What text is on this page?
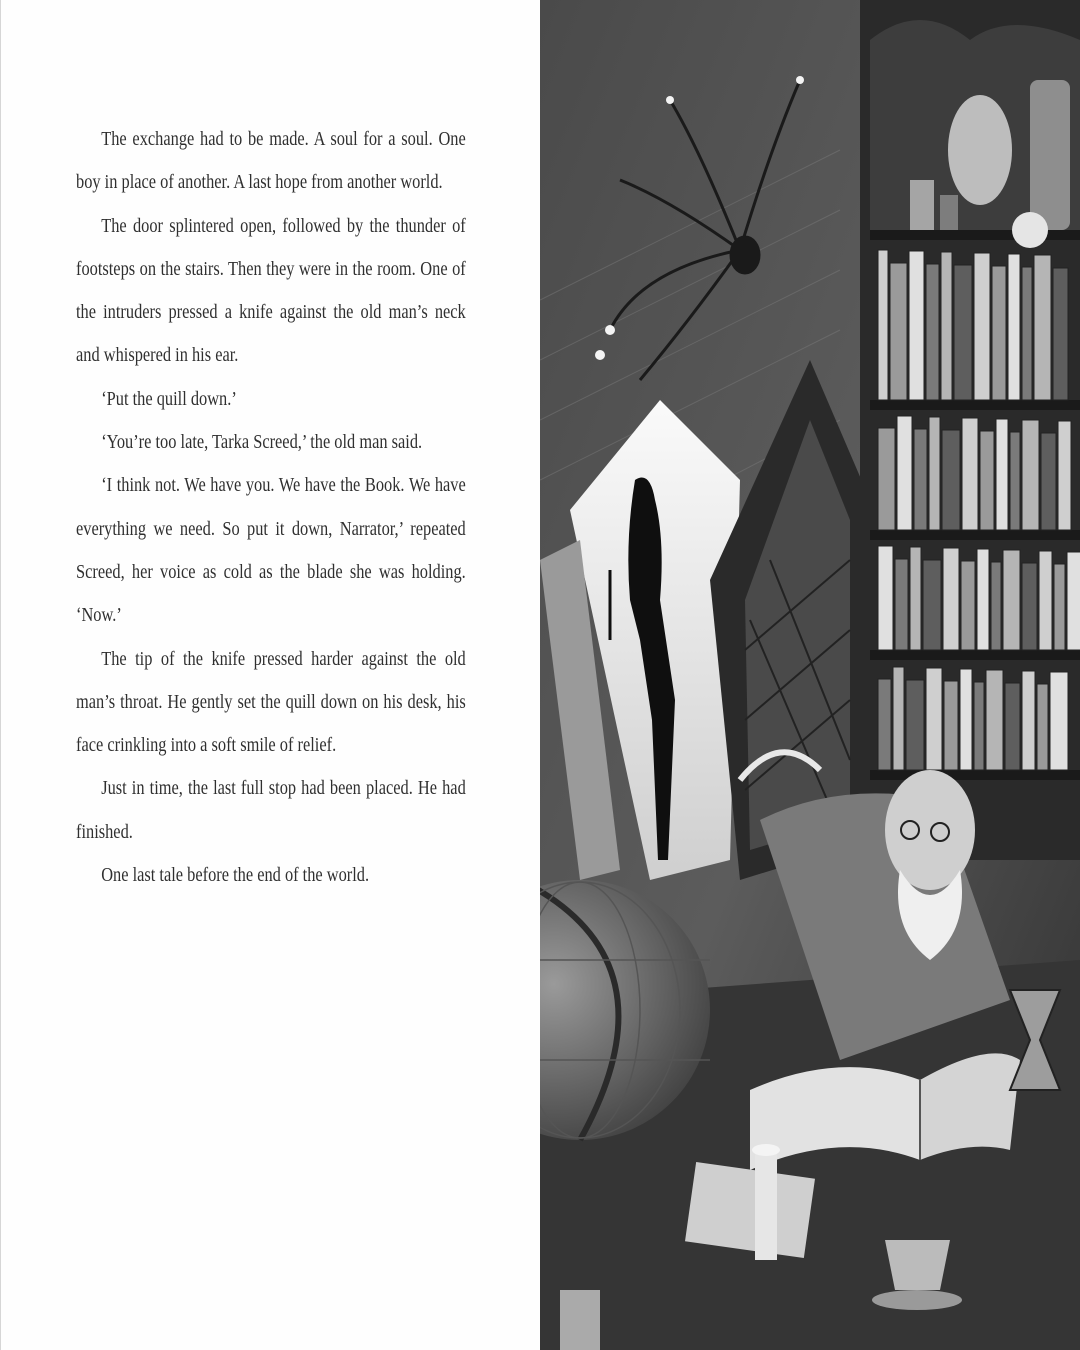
The exchange had to be made. A soul for a soul. One boy in place of another. A last hope from another world.

The door splintered open, followed by the thunder of footsteps on the stairs. Then they were in the room. One of the intruders pressed a knife against the old man’s neck and whispered in his ear.

‘Put the quill down.’

‘You’re too late, Tarka Screed,’ the old man said.

‘I think not. We have you. We have the Book. We have everything we need. So put it down, Narrator,’ repeated Screed, her voice as cold as the blade she was holding. ‘Now.’

The tip of the knife pressed harder against the old man’s throat. He gently set the quill down on his desk, his face crinkling into a soft smile of relief.

Just in time, the last full stop had been placed. He had finished.

One last tale before the end of the world.
